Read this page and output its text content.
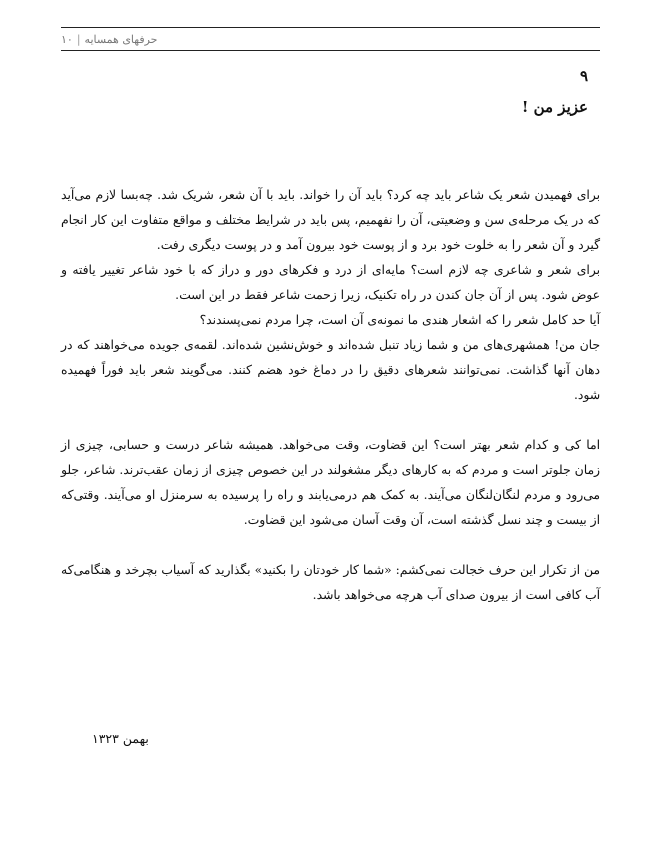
۱۰ | حرفهای همسایه
۹
عزیز من !

برای فهمیدن شعر یک شاعر باید چه کرد؟ باید آن را خواند. باید با آن شعر، شریک شد. چه‌بسا لازم می‌آید که در یک مرحله‌ی سن و وضعیتی، آن را نفهمیم، پس باید در شرایط مختلف و مواقع متفاوت این کار انجام گیرد و آن شعر را به خلوت خود برد و از پوست خود بیرون آمد و در پوست دیگری رفت.

برای شعر و شاعری چه لازم است؟ مایه‌ای از درد و فکرهای دور و دراز که با خود شاعر تغییر یافته و عوض شود. پس از آن جان کندن در راه تکنیک، زیرا زحمت شاعر فقط در این است.

آیا حد کامل شعر را که اشعار هندی ما نمونه‌ی آن است، چرا مردم نمی‌پسندند؟

جان من! همشهری‌های من و شما زیاد تنبل شده‌اند و خوش‌نشین شده‌اند. لقمه‌ی جویده می‌خواهند که در دهان آنها گذاشت. نمی‌توانند شعرهای دقیق را در دماغ خود هضم کنند. می‌گویند شعر باید فوراً فهمیده شود.

اما کی و کدام شعر بهتر است؟ این قضاوت، وقت می‌خواهد. همیشه شاعر درست و حسابی، چیزی از زمان جلوتر است و مردم که به کارهای دیگر مشغولند در این خصوص چیزی از زمان عقب‌ترند. شاعر، جلو می‌رود و مردم لنگان‌لنگان می‌آیند. به کمک هم درمی‌یابند و راه را پرسیده به سرمنزل او می‌آیند. وقتی‌که از بیست و چند نسل گذشته است، آن وقت آسان می‌شود این قضاوت.

من از تکرار این حرف خجالت نمی‌کشم: «شما کار خودتان را بکنید» بگذارید که آسیاب بچرخد و هنگامی‌که آب کافی است از بیرون صدای آب هرچه می‌خواهد باشد.

بهمن ۱۳۲۳
